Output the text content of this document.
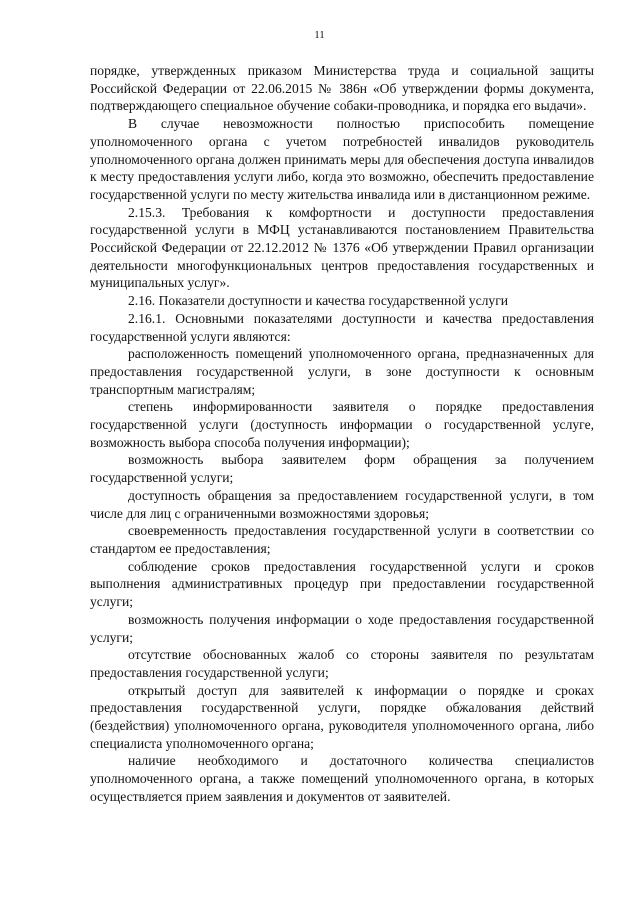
11

порядке, утвержденных приказом Министерства труда и социальной защиты Российской Федерации от 22.06.2015 № 386н «Об утверждении формы документа, подтверждающего специальное обучение собаки-проводника, и порядка его выдачи».

В случае невозможности полностью приспособить помещение уполномоченного органа с учетом потребностей инвалидов руководитель уполномоченного органа должен принимать меры для обеспечения доступа инвалидов к месту предоставления услуги либо, когда это возможно, обеспечить предоставление государственной услуги по месту жительства инвалида или в дистанционном режиме.

2.15.3. Требования к комфортности и доступности предоставления государственной услуги в МФЦ устанавливаются постановлением Правительства Российской Федерации от 22.12.2012 № 1376 «Об утверждении Правил организации деятельности многофункциональных центров предоставления государственных и муниципальных услуг».

2.16. Показатели доступности и качества государственной услуги

2.16.1. Основными показателями доступности и качества предоставления государственной услуги являются:

расположенность помещений уполномоченного органа, предназначенных для предоставления государственной услуги, в зоне доступности к основным транспортным магистралям;

степень информированности заявителя о порядке предоставления государственной услуги (доступность информации о государственной услуге, возможность выбора способа получения информации);

возможность выбора заявителем форм обращения за получением государственной услуги;

доступность обращения за предоставлением государственной услуги, в том числе для лиц с ограниченными возможностями здоровья;

своевременность предоставления государственной услуги в соответствии со стандартом ее предоставления;

соблюдение сроков предоставления государственной услуги и сроков выполнения административных процедур при предоставлении государственной услуги;

возможность получения информации о ходе предоставления государственной услуги;

отсутствие обоснованных жалоб со стороны заявителя по результатам предоставления государственной услуги;

открытый доступ для заявителей к информации о порядке и сроках предоставления государственной услуги, порядке обжалования действий (бездействия) уполномоченного органа, руководителя уполномоченного органа, либо специалиста уполномоченного органа;

наличие необходимого и достаточного количества специалистов уполномоченного органа, а также помещений уполномоченного органа, в которых осуществляется прием заявления и документов от заявителей.
